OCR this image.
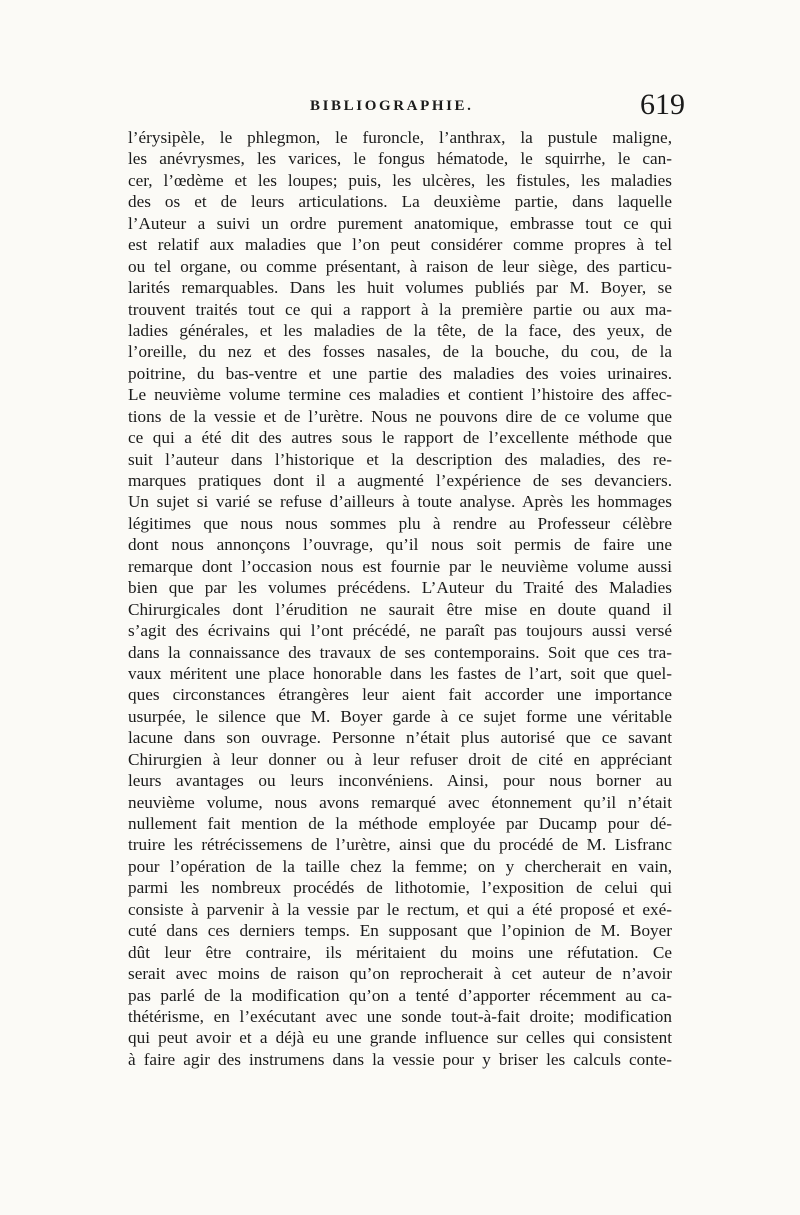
BIBLIOGRAPHIE.	619
l’érysipèle, le phlegmon, le furoncle, l’anthrax, la pustule maligne,
les anévrysmes, les varices, le fongus hématode, le squirrhe, le can-
cer, l’œdème et les loupes; puis, les ulcères, les fistules, les maladies
des os et de leurs articulations. La deuxième partie, dans laquelle
l’Auteur a suivi un ordre purement anatomique, embrasse tout ce qui
est relatif aux maladies que l’on peut considérer comme propres à tel
ou tel organe, ou comme présentant, à raison de leur siège, des particu-
larités remarquables. Dans les huit volumes publiés par M. Boyer, se
trouvent traités tout ce qui a rapport à la première partie ou aux ma-
ladies générales, et les maladies de la tête, de la face, des yeux, de
l’oreille, du nez et des fosses nasales, de la bouche, du cou, de la
poitrine, du bas-ventre et une partie des maladies des voies urinaires.
Le neuvième volume termine ces maladies et contient l’histoire des affec-
tions de la vessie et de l’urètre. Nous ne pouvons dire de ce volume que
ce qui a été dit des autres sous le rapport de l’excellente méthode que
suit l’auteur dans l’historique et la description des maladies, des re-
marques pratiques dont il a augmenté l’expérience de ses devanciers.
Un sujet si varié se refuse d’ailleurs à toute analyse. Après les hommages
légitimes que nous nous sommes plu à rendre au Professeur célèbre
dont nous annonçons l’ouvrage, qu’il nous soit permis de faire une
remarque dont l’occasion nous est fournie par le neuvième volume aussi
bien que par les volumes précédens. L’Auteur du Traité des Maladies
Chirurgicales dont l’érudition ne saurait être mise en doute quand il
s’agit des écrivains qui l’ont précédé, ne paraît pas toujours aussi versé
dans la connaissance des travaux de ses contemporains. Soit que ces tra-
vaux méritent une place honorable dans les fastes de l’art, soit que quel-
ques circonstances étrangères leur aient fait accorder une importance
usurpée, le silence que M. Boyer garde à ce sujet forme une véritable
lacune dans son ouvrage. Personne n’était plus autorisé que ce savant
Chirurgien à leur donner ou à leur refuser droit de cité en appréciant
leurs avantages ou leurs inconvéniens. Ainsi, pour nous borner au
neuvième volume, nous avons remarqué avec étonnement qu’il n’était
nullement fait mention de la méthode employée par Ducamp pour dé-
truire les rétrécissemens de l’urètre, ainsi que du procédé de M. Lisfranc
pour l’opération de la taille chez la femme; on y chercherait en vain,
parmi les nombreux procédés de lithotomie, l’exposition de celui qui
consiste à parvenir à la vessie par le rectum, et qui a été proposé et exé-
cuté dans ces derniers temps. En supposant que l’opinion de M. Boyer
dût leur être contraire, ils méritaient du moins une réfutation. Ce
serait avec moins de raison qu’on reprocherait à cet auteur de n’avoir
pas parlé de la modification qu’on a tenté d’apporter récemment au ca-
thétérisme, en l’exécutant avec une sonde tout-à-fait droite; modification
qui peut avoir et a déjà eu une grande influence sur celles qui consistent
à faire agir des instrumens dans la vessie pour y briser les calculs conte-
